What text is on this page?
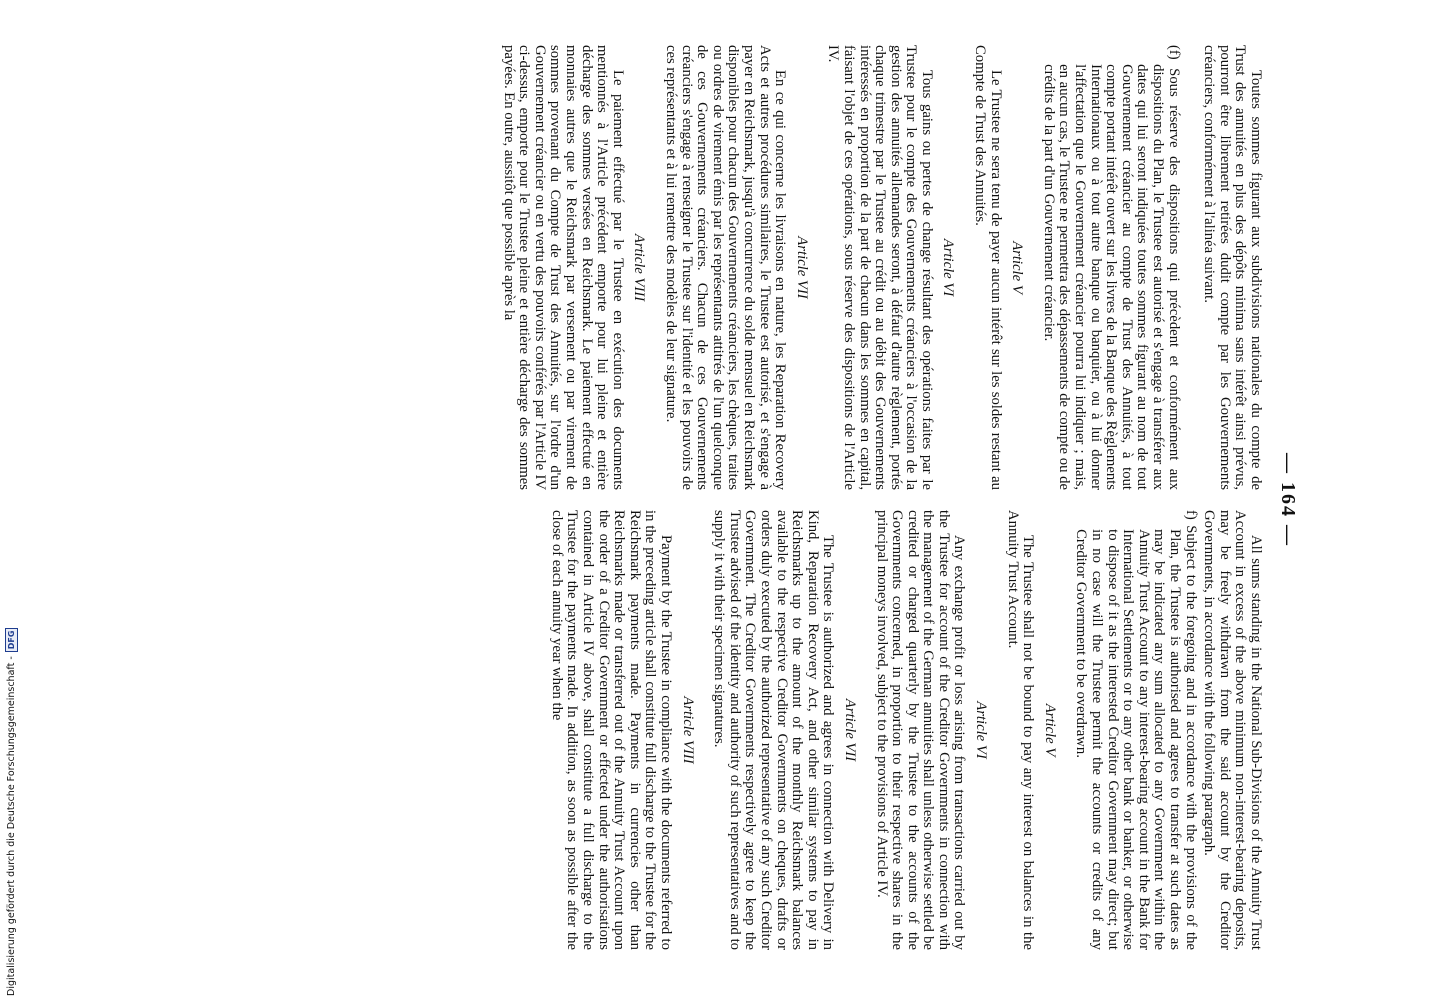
— 164 —

Toutes sommes figurant aux subdivisions nationales du compte de Trust des annuités en plus des dépôts minima sans intérêt ainsi prévus, pourront être librement retirées dudit compte par les Gouvernements créanciers, conformément à l'alinéa suivant.

(f) Sous réserve des dispositions qui précèdent et conformément aux dispositions du Plan, le Trustee est autorisé et s'engage à transférer aux dates qui lui seront indiquées toutes sommes figurant au nom de tout Gouvernement créancier au compte de Trust des Annuités, à tout compte portant intérêt ouvert sur les livres de la Banque des Règlements Internationaux ou à tout autre banque ou banquier, ou à lui donner l'affectation que le Gouvernement créancier pourra lui indiquer ; mais, en aucun cas, le Trustee ne permettra des dépassements de compte ou de crédits de la part d'un Gouvernement créancier.

Article V

Le Trustee ne sera tenu de payer aucun intérêt sur les soldes restant au Compte de Trust des Annuités.

Article VI

Tous gains ou pertes de change résultant des opérations faites par le Trustee pour le compte des Gouvernements créanciers à l'occasion de la gestion des annuités allemandes seront, à défaut d'autre règlement, portés chaque trimestre par le Trustee au crédit ou au débit des Gouvernements intéressés en proportion de la part de chacun dans les sommes en capital, faisant l'objet de ces opérations, sous réserve des dispositions de l'Article IV.

Article VII

En ce qui concerne les livraisons en nature, les Reparation Recovery Acts et autres procédures similaires, le Trustee est autorisé, et s'engage à payer en Reichsmark, jusqu'à concurrence du solde mensuel en Reichsmark disponibles pour chacun des Gouvernements créanciers, les chèques, traites ou ordres de virement émis par les représentants attitrés de l'un quelconque de ces Gouvernements créanciers. Chacun de ces Gouvernements créanciers s'engage à renseigner le Trustee sur l'identité et les pouvoirs de ces représentants et à lui remettre des modèles de leur signature.

Article VIII

Le paiement effectué par le Trustee en exécution des documents mentionnés à l'Article précédent emporte pour lui pleine et entière décharge des sommes versées en Reichsmark. Le paiement effectué en monnaies autres que le Reichsmark par versement ou par virement de sommes provenant du Compte de Trust des Annuités, sur l'ordre d'un Gouvernement créancier ou en vertu des pouvoirs conférés par l'Article IV ci-dessus, emporte pour le Trustee pleine et entière décharge des sommes payées. En outre, aussitôt que possible après la

All sums standing in the National Sub-Divisions of the Annuity Trust Account in excess of the above minimum non-interest-bearing deposits, may be freely withdrawn from the said account by the Creditor Governments, in accordance with the following paragraph.

f) Subject to the foregoing and in accordance with the provisions of the Plan, the Trustee is authorised and agrees to transfer at such dates as may be indicated any sum allocated to any Government within the Annuity Trust Account to any interest-bearing account in the Bank for International Settlements or to any other bank or banker, or otherwise to dispose of it as the interested Creditor Government may direct; but in no case will the Trustee permit the accounts or credits of any Creditor Government to be overdrawn.

Article V

The Trustee shall not be bound to pay any interest on balances in the Annuity Trust Account.

Article VI

Any exchange profit or loss arising from transactions carried out by the Trustee for account of the Creditor Governments in connection with the management of the German annuities shall unless otherwise settled be credited or charged quarterly by the Trustee to the accounts of the Governments concerned, in proportion to their respective shares in the principal moneys involved, subject to the provisions of Article IV.

Article VII

The Trustee is authorized and agrees in connection with Delivery in Kind, Reparation Recovery Act, and other similar systems to pay in Reichsmarks up to the amount of the monthly Reichsmark balances available to the respective Creditor Governments on cheques, drafts or orders duly executed by the authorized representative of any such Creditor Government. The Creditor Governments respectively agree to keep the Trustee advised of the identity and authority of such representatives and to supply it with their specimen signatures.

Article VIII

Payment by the Trustee in compliance with the documents referred to in the preceding article shall constitute full discharge to the Trustee for the Reichsmark payments made. Payments in currencies other than Reichsmarks made or transferred out of the Annuity Trust Account upon the order of a Creditor Government or effected under the authorisations contained in Article IV above, shall constitute a full discharge to the Trustee for the payments made. In addition, as soon as possible after the close of each annuity year when the

Digitalisierung gefördert durch die Deutsche Forschungsgemeinschaft -
DFG
